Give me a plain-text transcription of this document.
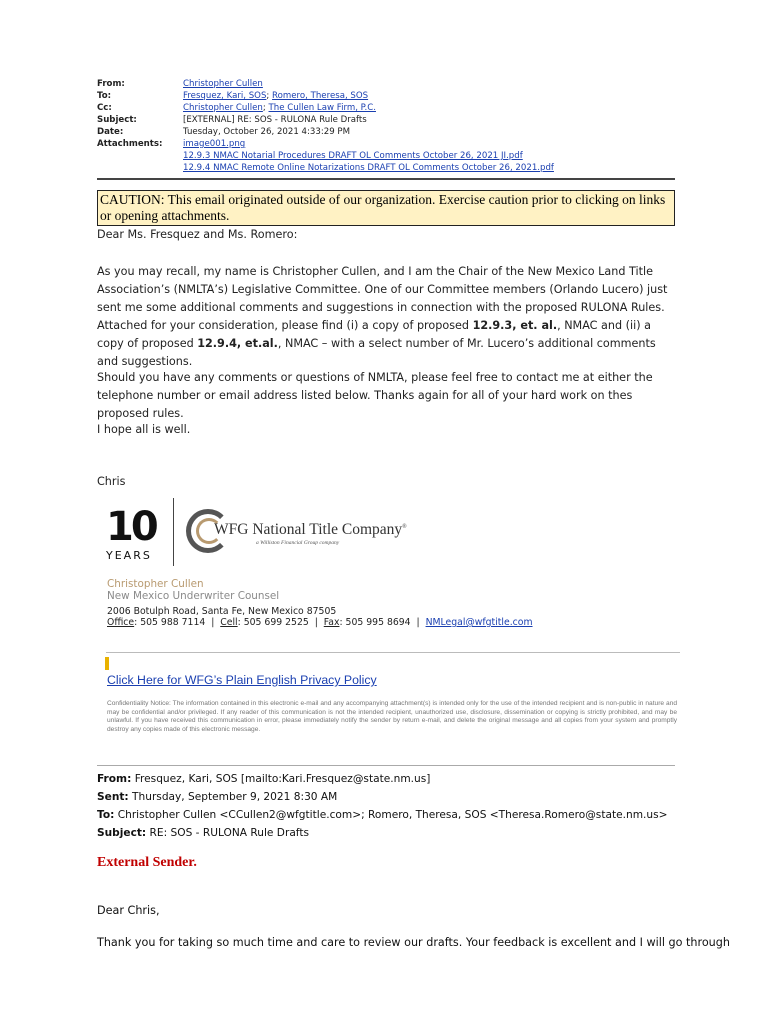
From:	Christopher Cullen
To:	Fresquez, Kari, SOS; Romero, Theresa, SOS
Cc:	Christopher Cullen; The Cullen Law Firm, P.C.
Subject:	[EXTERNAL] RE: SOS - RULONA Rule Drafts
Date:	Tuesday, October 26, 2021 4:33:29 PM
Attachments:	image001.png
12.9.3 NMAC Notarial Procedures DRAFT OL Comments October 26, 2021 JI.pdf
12.9.4 NMAC Remote Online Notarizations DRAFT OL Comments October 26, 2021.pdf
CAUTION: This email originated outside of our organization. Exercise caution prior to clicking on links or opening attachments.
Dear Ms. Fresquez and Ms. Romero:

As you may recall, my name is Christopher Cullen, and I am the Chair of the New Mexico Land Title Association’s (NMLTA’s) Legislative Committee. One of our Committee members (Orlando Lucero) just sent me some additional comments and suggestions in connection with the proposed RULONA Rules. Attached for your consideration, please find (i) a copy of proposed 12.9.3, et. al., NMAC and (ii) a copy of proposed 12.9.4, et.al., NMAC – with a select number of Mr. Lucero’s additional comments and suggestions.

Should you have any comments or questions of NMLTA, please feel free to contact me at either the telephone number or email address listed below. Thanks again for all of your hard work on thes proposed rules.
I hope all is well.
Chris
10
YEARS
WFG National Title Company®
a Williston Financial Group company
Christopher Cullen
New Mexico Underwriter Counsel
2006 Botulph Road, Santa Fe, New Mexico 87505
Office: 505 988 7114  |  Cell: 505 699 2525  |  Fax: 505 995 8694  |  NMLegal@wfgtitle.com
Click Here for WFG’s Plain English Privacy Policy
Confidentiality Notice: The information contained in this electronic e-mail and any accompanying attachment(s) is intended only for the use of the intended recipient and is non-public in nature and may be confidential and/or privileged. If any reader of this communication is not the intended recipient, unauthorized use, disclosure, dissemination or copying is strictly prohibited, and may be unlawful. If you have received this communication in error, please immediately notify the sender by return e-mail, and delete the original message and all copies from your system and promptly destroy any copies made of this electronic message.
From: Fresquez, Kari, SOS [mailto:Kari.Fresquez@state.nm.us]
Sent: Thursday, September 9, 2021 8:30 AM
To: Christopher Cullen <CCullen2@wfgtitle.com>; Romero, Theresa, SOS <Theresa.Romero@state.nm.us>
Subject: RE: SOS - RULONA Rule Drafts
External Sender.
Dear Chris,
Thank you for taking so much time and care to review our drafts. Your feedback is excellent and I will go through
